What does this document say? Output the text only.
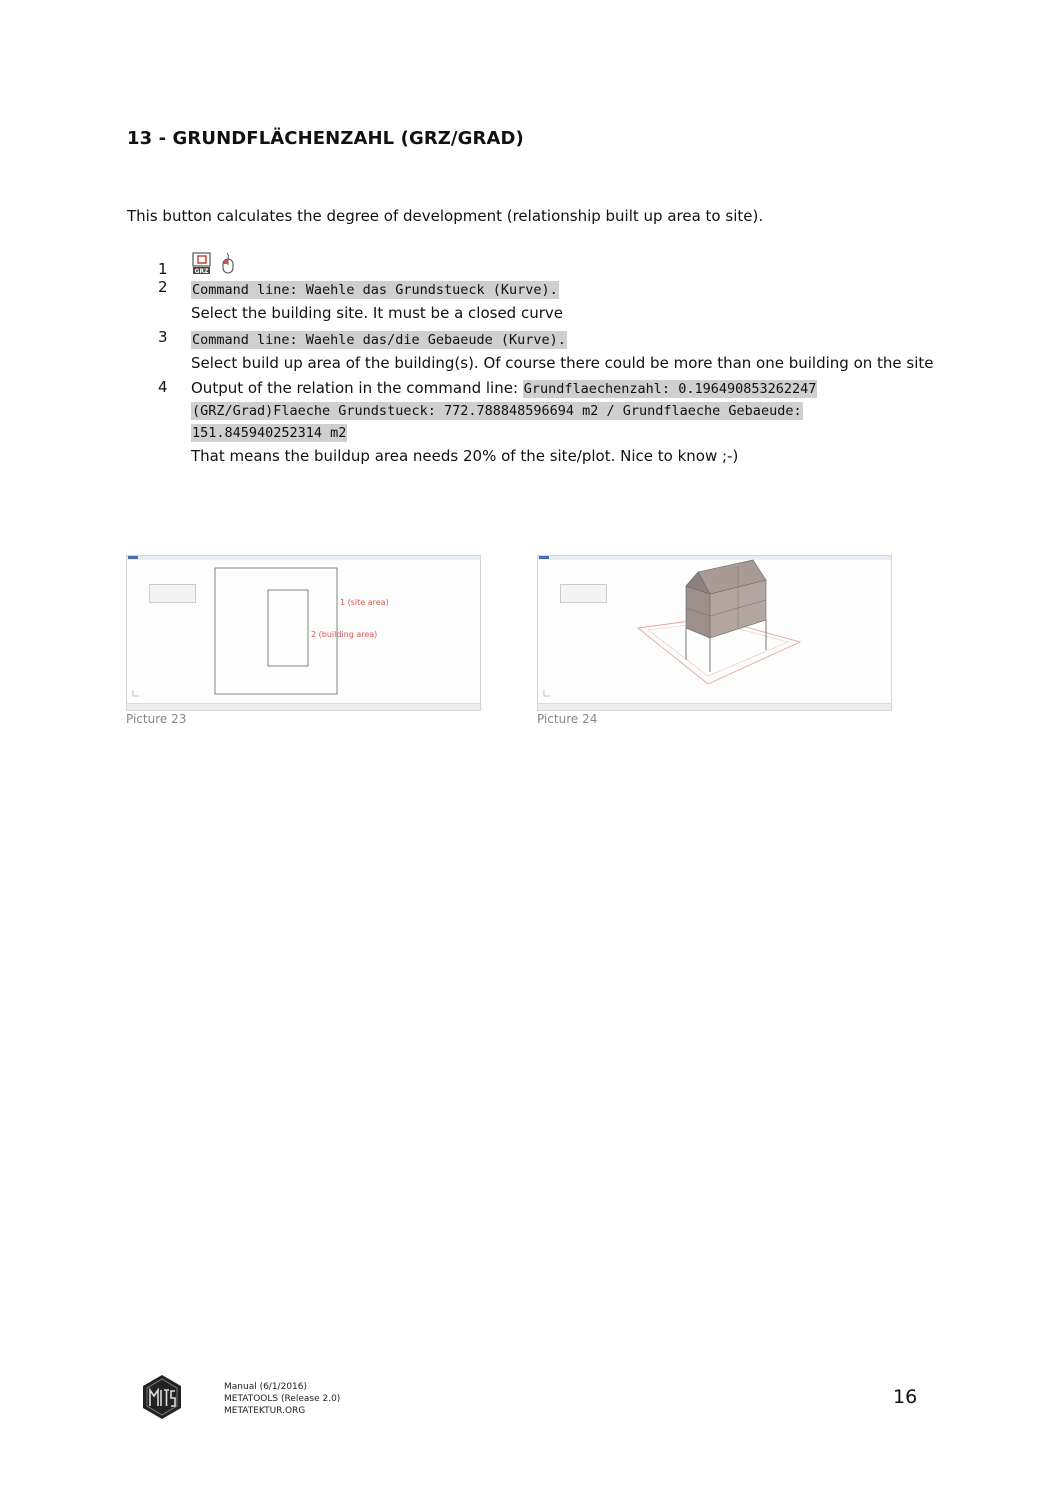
13 - GRUNDFLÄCHENZAHL (GRZ/GRAD)

This button calculates the degree of development (relationship built up area to site).

1	GRZ
2 Command line: Waehle das Grundstueck (Kurve).
Select the building site. It must be a closed curve
3 Command line: Waehle das/die Gebaeude (Kurve).
Select build up area of the building(s). Of course there could be more than one building on the site
4 Output of the relation in the command line: Grundflaechenzahl: 0.196490853262247
(GRZ/Grad)Flaeche Grundstueck: 772.788848596694 m2 / Grundflaeche Gebaeude:
151.845940252314 m2
That means the buildup area needs 20% of the site/plot. Nice to know ;-)
1 (site area)
2 (building area)
Picture 23	Picture 24
Manual (6/1/2016)
METATOOLS (Release 2.0)
METATEKTUR.ORG
16
